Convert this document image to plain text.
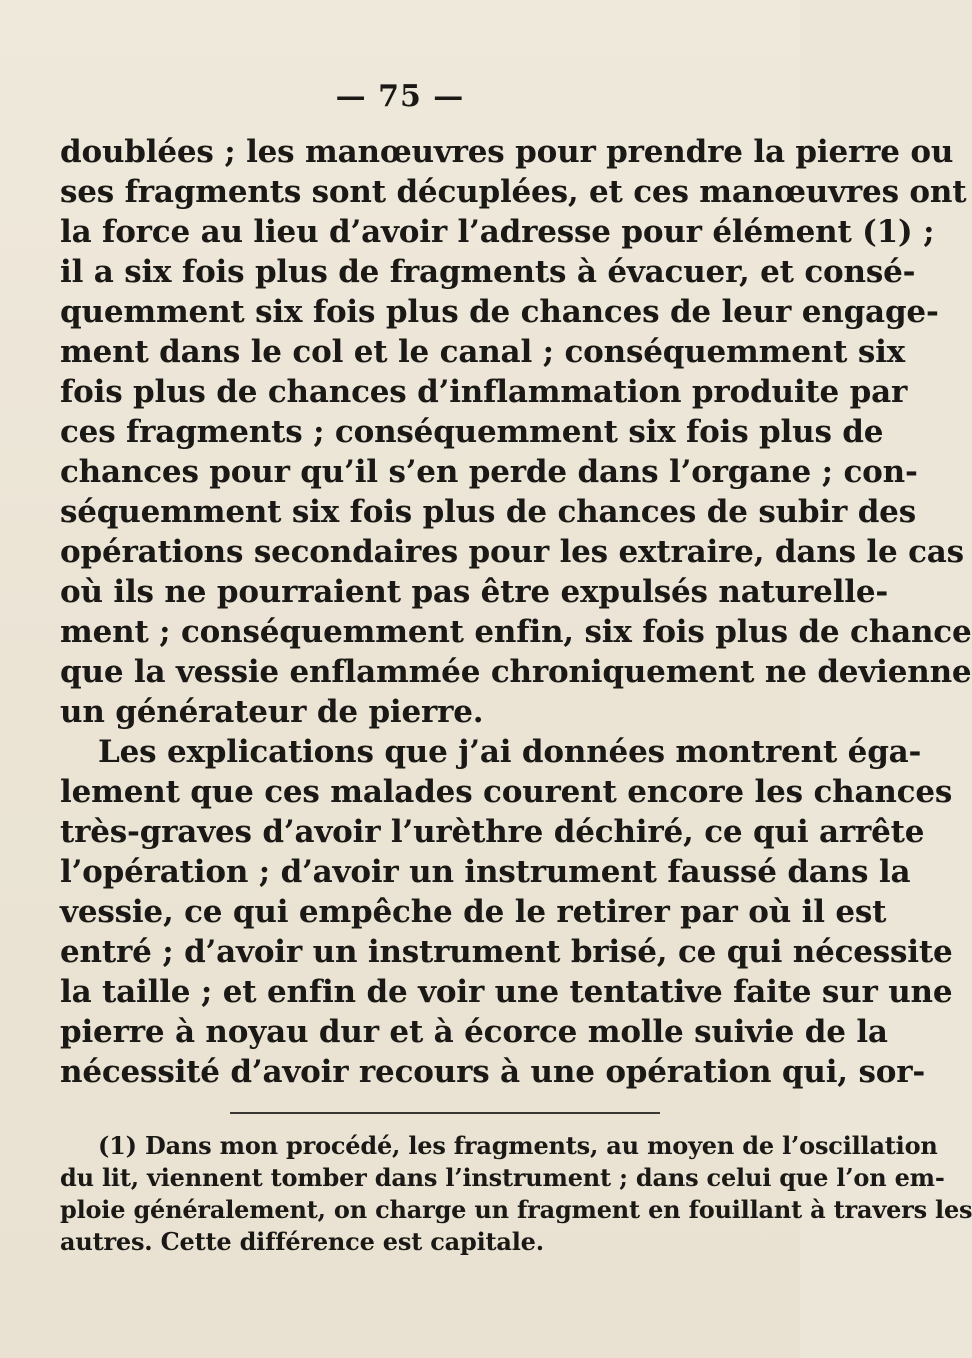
— 75 —
doublées ; les manœuvres pour prendre la pierre ou
ses fragments sont décuplées, et ces manœuvres ont
la force au lieu d’avoir l’adresse pour élément (1) ;
il a six fois plus de fragments à évacuer, et consé-
quemment six fois plus de chances de leur engage-
ment dans le col et le canal ; conséquemment six
fois plus de chances d’inflammation produite par
ces fragments ; conséquemment six fois plus de
chances pour qu’il s’en perde dans l’organe ; con-
séquemment six fois plus de chances de subir des
opérations secondaires pour les extraire, dans le cas
où ils ne pourraient pas être expulsés naturelle-
ment ; conséquemment enfin, six fois plus de chance
que la vessie enflammée chroniquement ne devienne
un générateur de pierre.
Les explications que j’ai données montrent éga-
lement que ces malades courent encore les chances
très-graves d’avoir l’urèthre déchiré, ce qui arrête
l’opération ; d’avoir un instrument faussé dans la
vessie, ce qui empêche de le retirer par où il est
entré ; d’avoir un instrument brisé, ce qui nécessite
la taille ; et enfin de voir une tentative faite sur une
pierre à noyau dur et à écorce molle suivie de la
nécessité d’avoir recours à une opération qui, sor-
(1) Dans mon procédé, les fragments, au moyen de l’oscillation
du lit, viennent tomber dans l’instrument ; dans celui que l’on em-
ploie généralement, on charge un fragment en fouillant à travers les
autres. Cette différence est capitale.
